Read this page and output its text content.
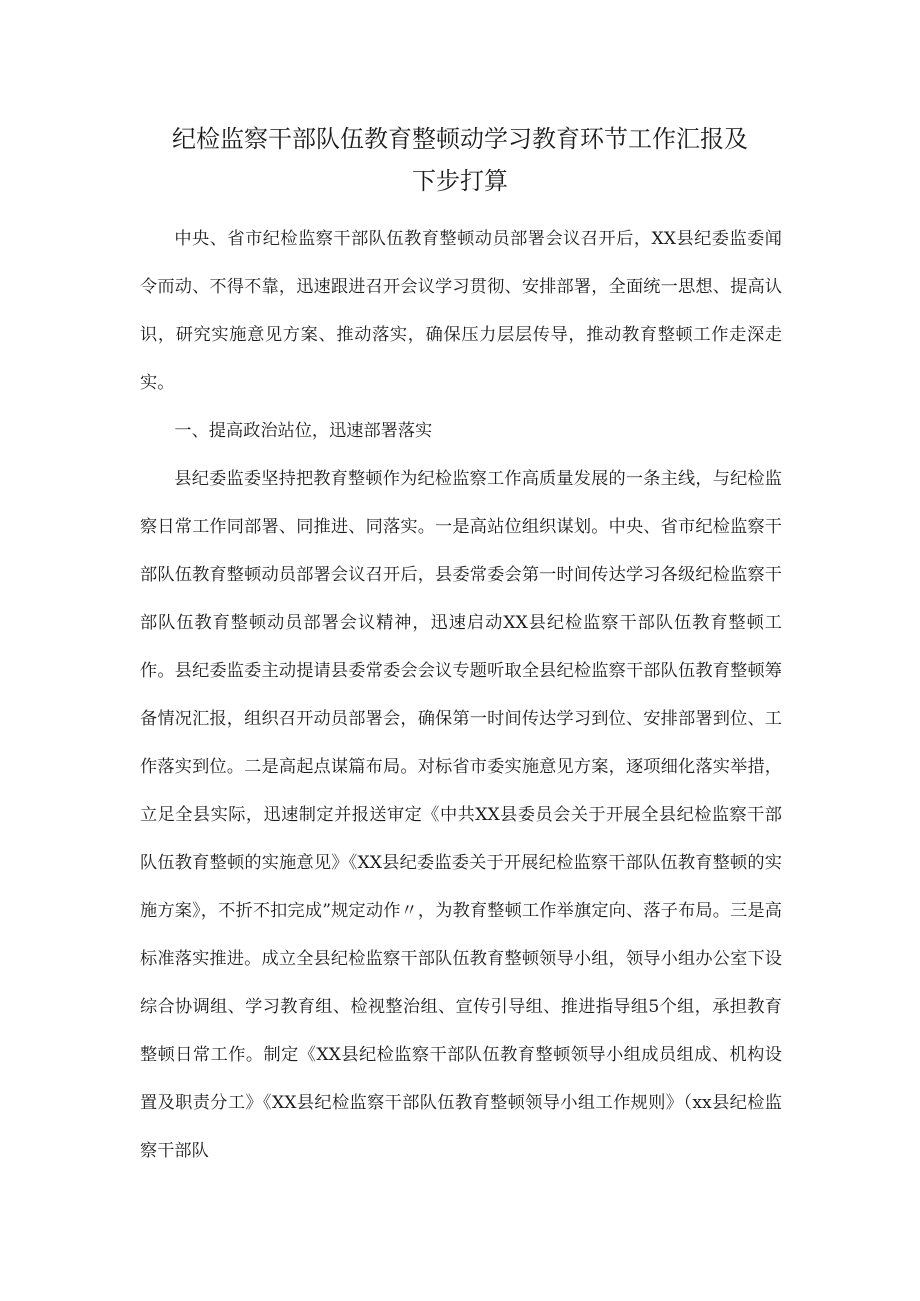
纪检监察干部队伍教育整顿动学习教育环节工作汇报及
下步打算

中央、省市纪检监察干部队伍教育整顿动员部署会议召开后，XX县纪委监委闻令而动、不得不靠，迅速跟进召开会议学习贯彻、安排部署，全面统一思想、提高认识，研究实施意见方案、推动落实，确保压力层层传导，推动教育整顿工作走深走实。

一、提高政治站位，迅速部署落实

县纪委监委坚持把教育整顿作为纪检监察工作高质量发展的一条主线，与纪检监察日常工作同部署、同推进、同落实。一是高站位组织谋划。中央、省市纪检监察干部队伍教育整顿动员部署会议召开后，县委常委会第一时间传达学习各级纪检监察干部队伍教育整顿动员部署会议精神，迅速启动XX县纪检监察干部队伍教育整顿工作。县纪委监委主动提请县委常委会会议专题听取全县纪检监察干部队伍教育整顿筹备情况汇报，组织召开动员部署会，确保第一时间传达学习到位、安排部署到位、工作落实到位。二是高起点谋篇布局。对标省市委实施意见方案，逐项细化落实举措，立足全县实际，迅速制定并报送审定《中共XX县委员会关于开展全县纪检监察干部队伍教育整顿的实施意见》《XX县纪委监委关于开展纪检监察干部队伍教育整顿的实施方案》，不折不扣完成”规定动作〃，为教育整顿工作举旗定向、落子布局。三是高标准落实推进。成立全县纪检监察干部队伍教育整顿领导小组，领导小组办公室下设综合协调组、学习教育组、检视整治组、宣传引导组、推进指导组5个组，承担教育整顿日常工作。制定《XX县纪检监察干部队伍教育整顿领导小组成员组成、机构设置及职责分工》《XX县纪检监察干部队伍教育整顿领导小组工作规则》（xx县纪检监察干部队
